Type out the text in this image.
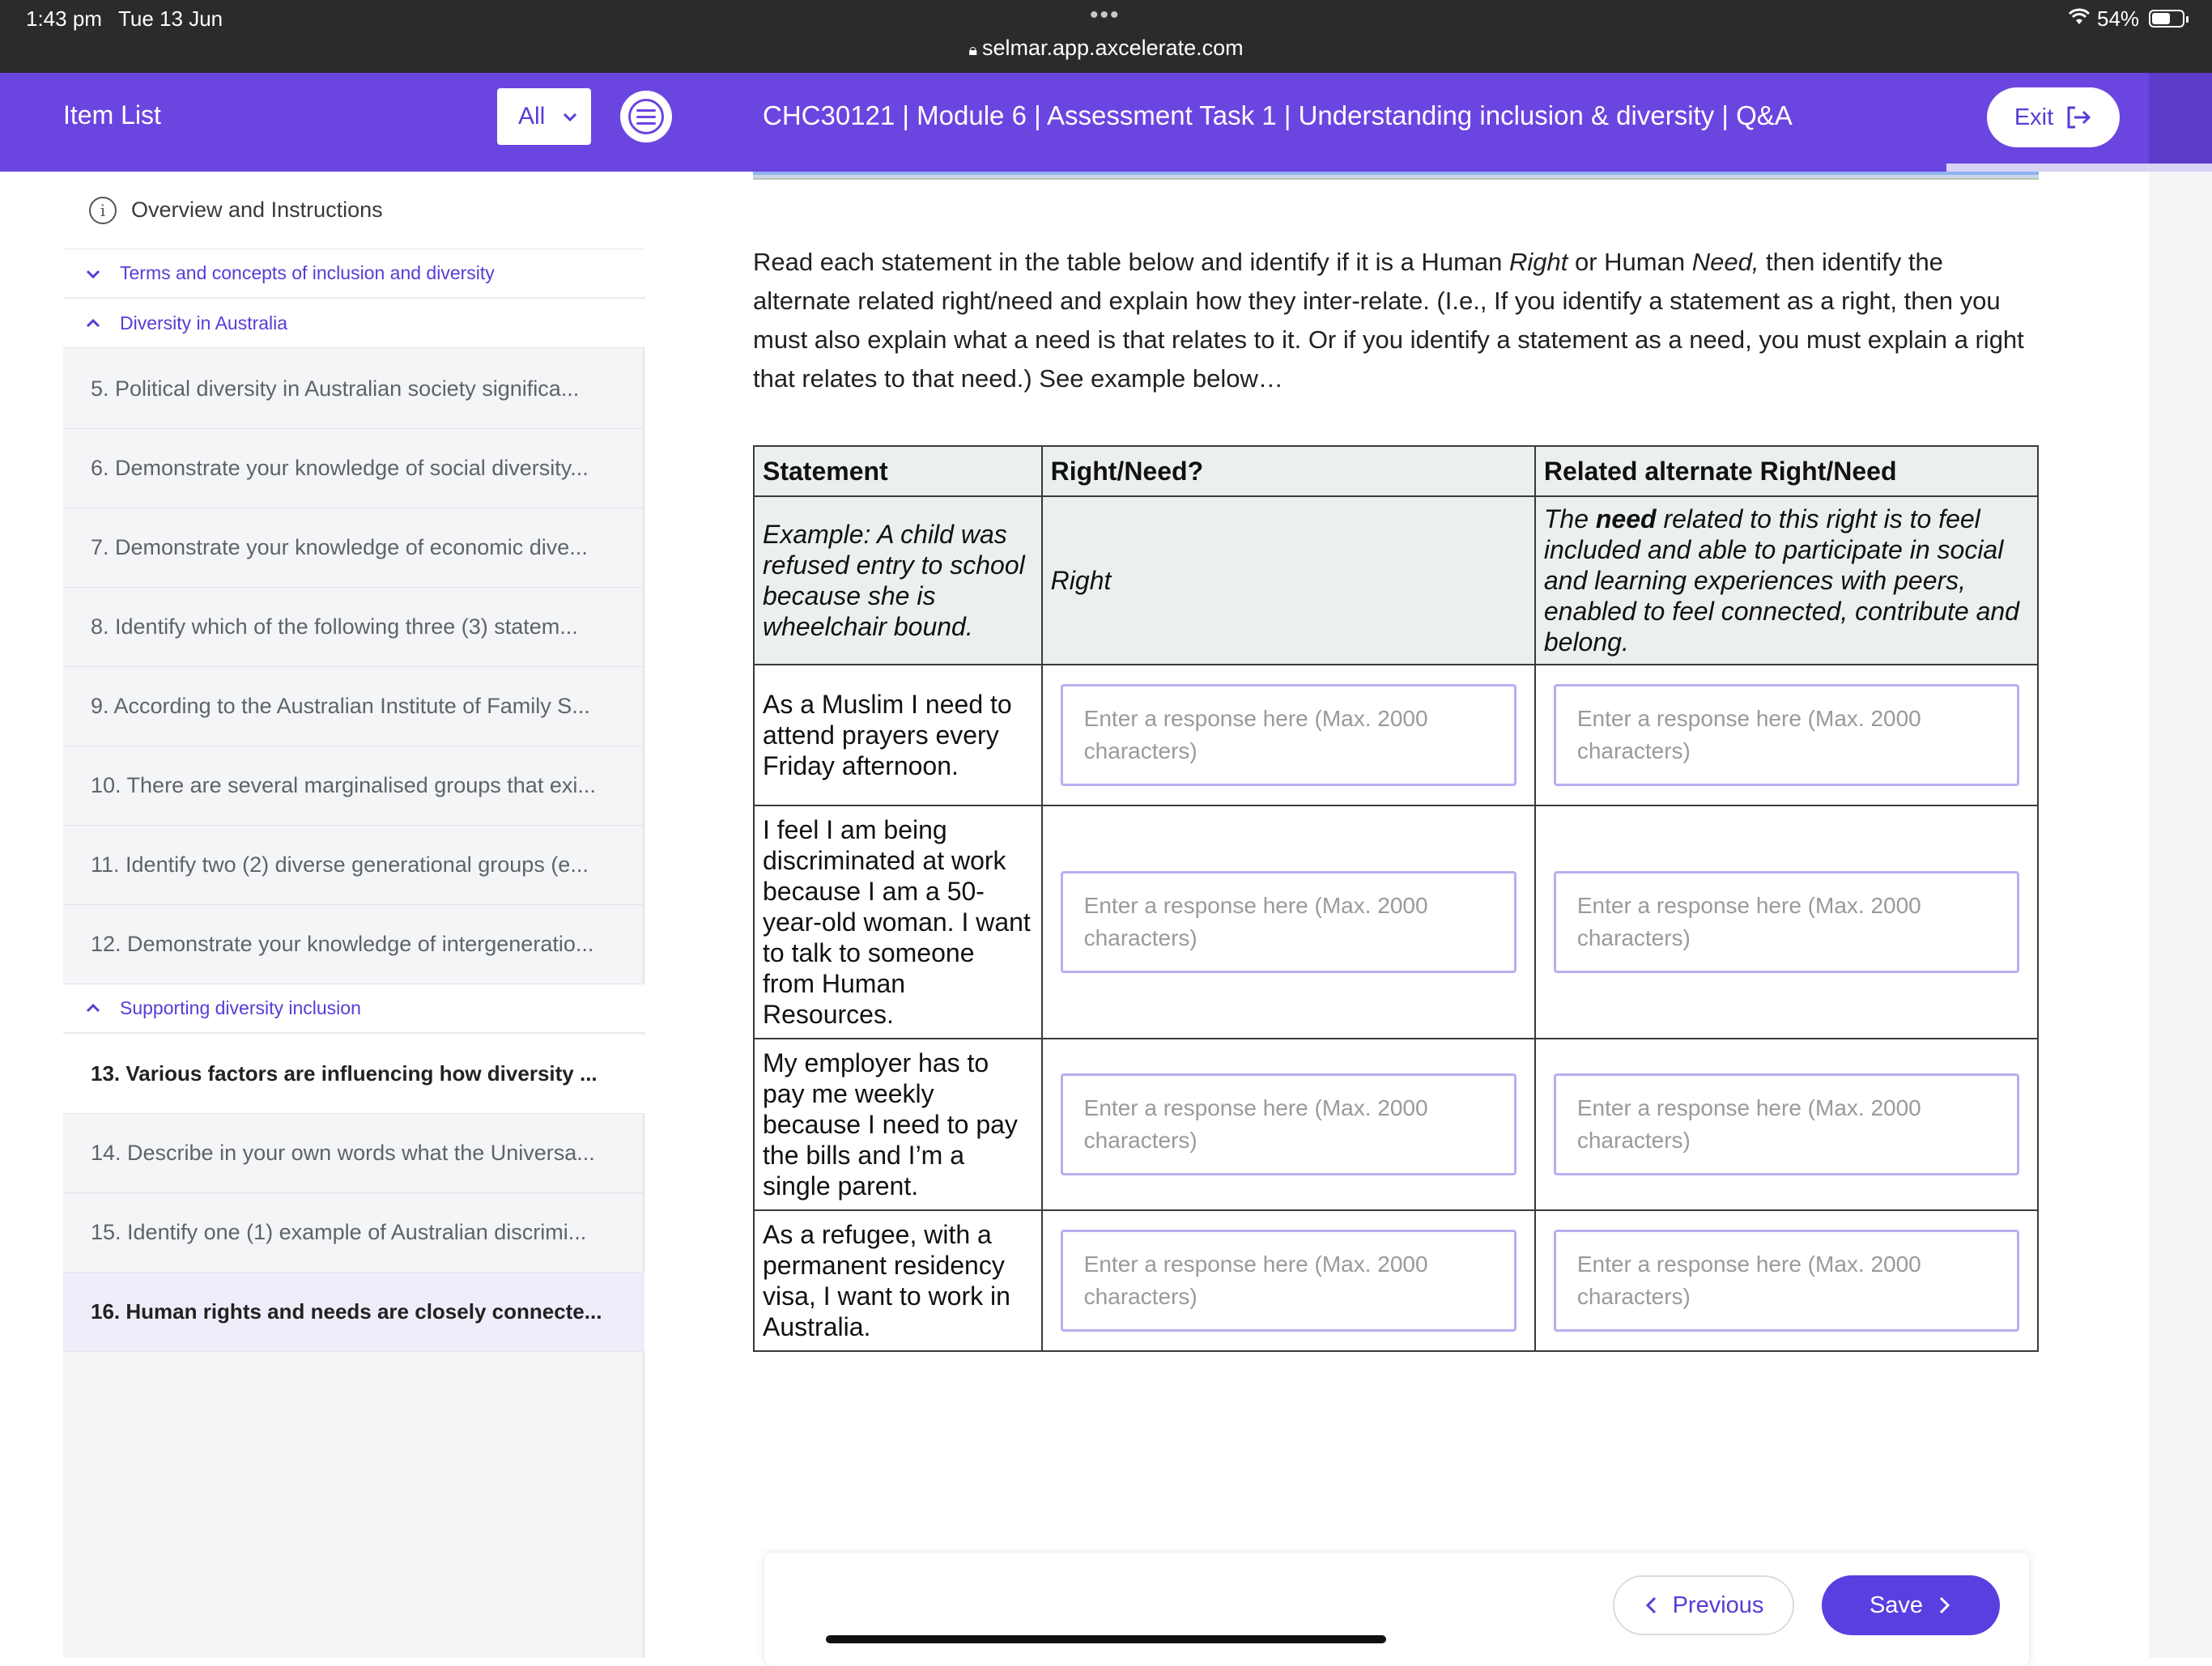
1:43 pm Tue 13 Jun	•••
🔒︎ selmar.app.axcelerate.com
54%
Item List	All	CHC30121 | Module 6 | Assessment Task 1 | Understanding inclusion & diversity | Q&A	Exit
i	Overview and Instructions
Terms and concepts of inclusion and diversity
Diversity in Australia
5. Political diversity in Australian society significa...
6. Demonstrate your knowledge of social diversity...
7. Demonstrate your knowledge of economic dive...
8. Identify which of the following three (3) statem...
9. According to the Australian Institute of Family S...
10. There are several marginalised groups that exi...
11. Identify two (2) diverse generational groups (e...
12. Demonstrate your knowledge of intergeneratio...
Supporting diversity inclusion
13. Various factors are influencing how diversity ...
14. Describe in your own words what the Universa...
15. Identify one (1) example of Australian discrimi...
16. Human rights and needs are closely connecte...
Read each statement in the table below and identify if it is a Human Right or Human Need, then identify the alternate related right/need and explain how they inter-relate. (I.e., If you identify a statement as a right, then you must also explain what a need is that relates to it. Or if you identify a statement as a need, you must explain a right that relates to that need.) See example below…
Statement	Right/Need?	Related alternate Right/Need
Example: A child was refused entry to school because she is wheelchair bound.	Right	The need related to this right is to feel included and able to participate in social and learning experiences with peers, enabled to feel connected, contribute and belong.
As a Muslim I need to attend prayers every Friday afternoon.	Enter a response here (Max. 2000 characters)	Enter a response here (Max. 2000 characters)

I feel I am being discriminated at work because I am a 50-year-old woman. I want to talk to someone from Human Resources.	Enter a response here (Max. 2000 characters)	Enter a response here (Max. 2000 characters)

My employer has to pay me weekly because I need to pay the bills and I’m a single parent.	Enter a response here (Max. 2000 characters)	Enter a response here (Max. 2000 characters)

As a refugee, with a permanent residency visa, I want to work in Australia.	Enter a response here (Max. 2000 characters)	Enter a response here (Max. 2000 characters)
Previous	Save
